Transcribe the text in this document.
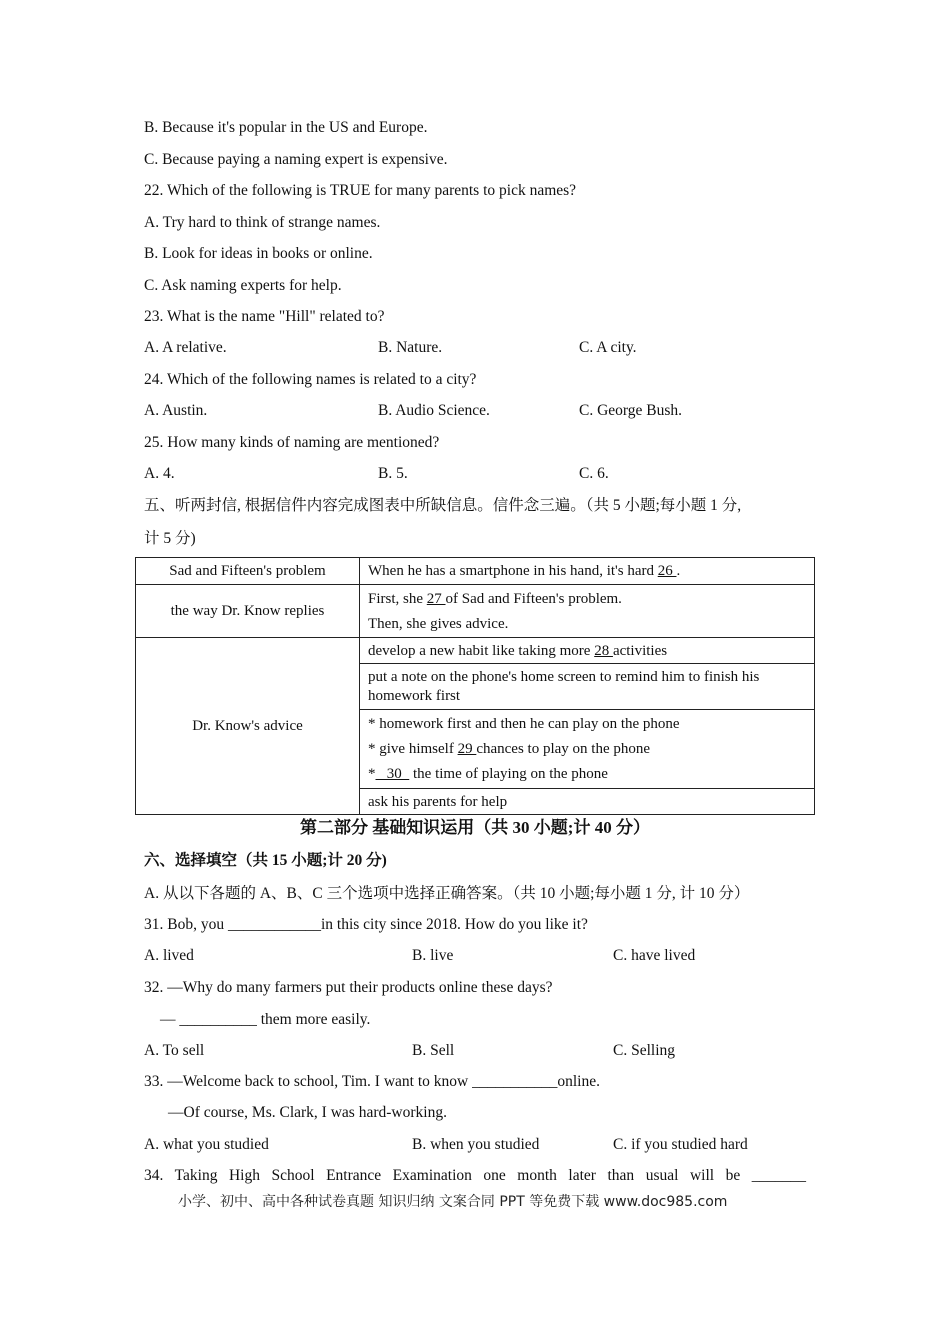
B. Because it's popular in the US and Europe.
C. Because paying a naming expert is expensive.
22. Which of the following is TRUE for many parents to pick names?
A. Try hard to think of strange names.
B. Look for ideas in books or online.
C. Ask naming experts for help.
23. What is the name "Hill" related to?
A. A relative.	B. Nature.	C. A city.
24. Which of the following names is related to a city?
A. Austin.	B. Audio Science.	C. George Bush.
25. How many kinds of naming are mentioned?
A. 4.	B. 5.	C. 6.
五、听两封信, 根据信件内容完成图表中所缺信息。信件念三遍。（共 5 小题;每小题 1 分,
计 5 分)
Sad and Fifteen's problem	When he has a smartphone in his hand, it's hard 26 .
the way Dr. Know replies	First, she 27 of Sad and Fifteen's problem.
Then, she gives advice.

Dr. Know's advice	develop a new habit like taking more 28 activities
	put a note on the phone's home screen to remind him to finish his homework first

	* homework first and then he can play on the phone
* give himself 29 chances to play on the phone
*   30   the time of playing on the phone

	ask his parents for help
第二部分 基础知识运用（共 30 小题;计 40 分）
六、选择填空（共 15 小题;计 20 分)
A. 从以下各题的 A、B、C 三个选项中选择正确答案。（共 10 小题;每小题 1 分, 计 10 分）
31. Bob, you ____________in this city since 2018. How do you like it?
A. lived	B. live	C. have lived
32. —Why do many farmers put their products online these days?
— __________ them more easily.
A. To sell	B. Sell	C. Selling
33. —Welcome back to school, Tim. I want to know ___________online.
—Of course, Ms. Clark, I was hard-working.
A. what you studied	B. when you studied	C. if you studied hard
34. Taking High School Entrance Examination one month later than usual will be _______
小学、初中、高中各种试卷真题 知识归纳 文案合同 PPT 等免费下载 www.doc985.com
